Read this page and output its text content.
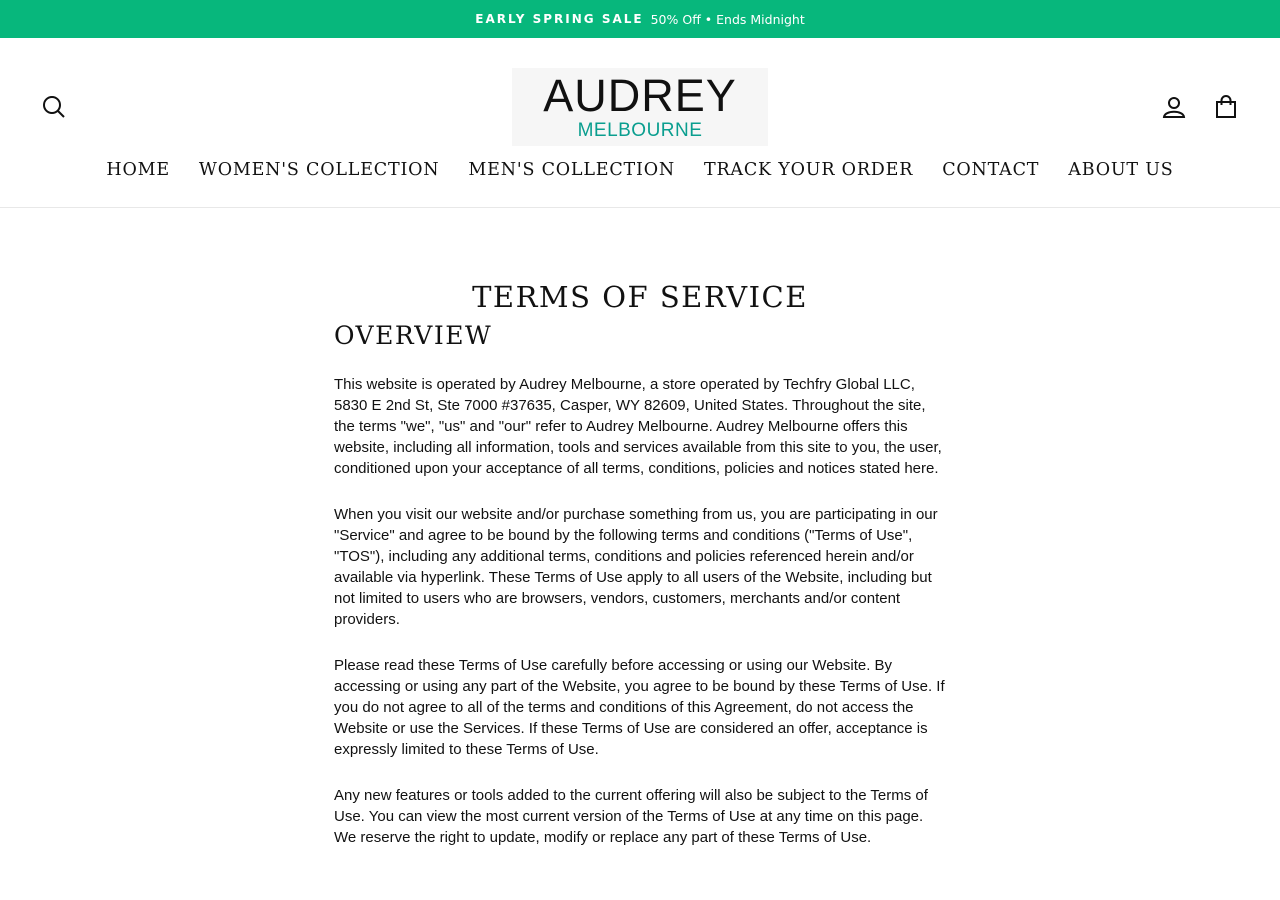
EARLY SPRING SALE 50% Off • Ends Midnight
AUDREY
MELBOURNE
HOME	WOMEN'S COLLECTION	MEN'S COLLECTION	TRACK YOUR ORDER	CONTACT	ABOUT US
TERMS OF SERVICE
OVERVIEW

This website is operated by Audrey Melbourne, a store operated by Techfry Global LLC, 5830 E 2nd St, Ste 7000 #37635, Casper, WY 82609, United States. Throughout the site, the terms "we", "us" and "our" refer to Audrey Melbourne. Audrey Melbourne offers this website, including all information, tools and services available from this site to you, the user, conditioned upon your acceptance of all terms, conditions, policies and notices stated here.

When you visit our website and/or purchase something from us, you are participating in our "Service" and agree to be bound by the following terms and conditions ("Terms of Use", "TOS"), including any additional terms, conditions and policies referenced herein and/or available via hyperlink. These Terms of Use apply to all users of the Website, including but not limited to users who are browsers, vendors, customers, merchants and/or content providers.

Please read these Terms of Use carefully before accessing or using our Website. By accessing or using any part of the Website, you agree to be bound by these Terms of Use. If you do not agree to all of the terms and conditions of this Agreement, do not access the Website or use the Services. If these Terms of Use are considered an offer, acceptance is expressly limited to these Terms of Use.

Any new features or tools added to the current offering will also be subject to the Terms of Use. You can view the most current version of the Terms of Use at any time on this page. We reserve the right to update, modify or replace any part of these Terms of Use.
